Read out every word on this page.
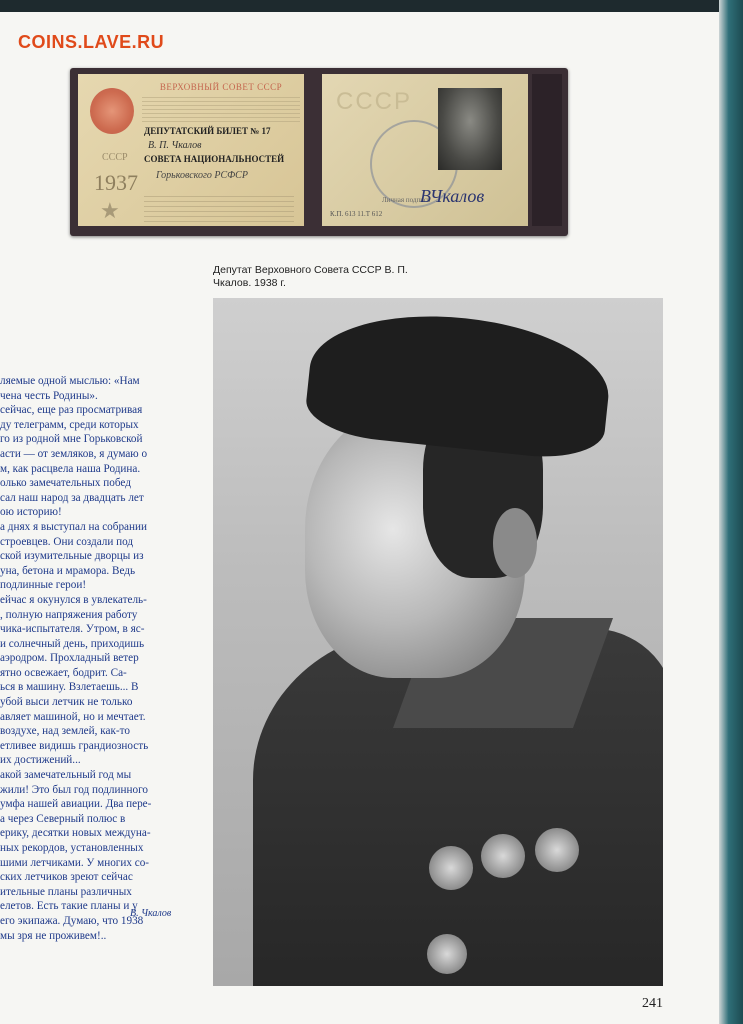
COINS.LAVE.RU
ВЕРХОВНЫЙ СОВЕТ СССР
ДЕПУТАТСКИЙ БИЛЕТ № 17
В. П. Чкалов
СОВЕТА НАЦИОНАЛЬНОСТЕЙ
Горьковского РСФСР
СССР
1937
★
СССР
Личная подпись
ВЧкалов
К.П. 613 11.Т 612
Депутат Верховного Совета СССР В. П. Чкалов. 1938 г.

ляемые одной мыслью: «Нам

чена честь Родины».

сейчас, еще раз просматривая

ду телеграмм, среди которых

го из родной мне Горьковской

асти — от земляков, я думаю о

м, как расцвела наша Родина.

олько замечательных побед

сал наш народ за двадцать лет

ою историю!

а днях я выступал на собрании

строевцев. Они создали под

ской изумительные дворцы из

уна, бетона и мрамора. Ведь

подлинные герои!

ейчас я окунулся в увлекатель-

, полную напряжения работу

чика-испытателя. Утром, в яс-

и солнечный день, приходишь

аэродром. Прохладный ветер

ятно освежает, бодрит. Са-

ься в машину. Взлетаешь... В

убой выси летчик не только

авляет машиной, но и мечтает.

воздухе, над землей, как-то

етливее видишь грандиозность

их достижений...

акой замечательный год мы

жили! Это был год подлинного

умфа нашей авиации. Два пере-

а через Северный полюс в

ерику, десятки новых междуна-

ных рекордов, установленных

шими летчиками. У многих со-

ских летчиков зреют сейчас

ительные планы различных

елетов. Есть такие планы и у

его экипажа. Думаю, что 1938

мы зря не проживем!..

В. Чкалов
241
